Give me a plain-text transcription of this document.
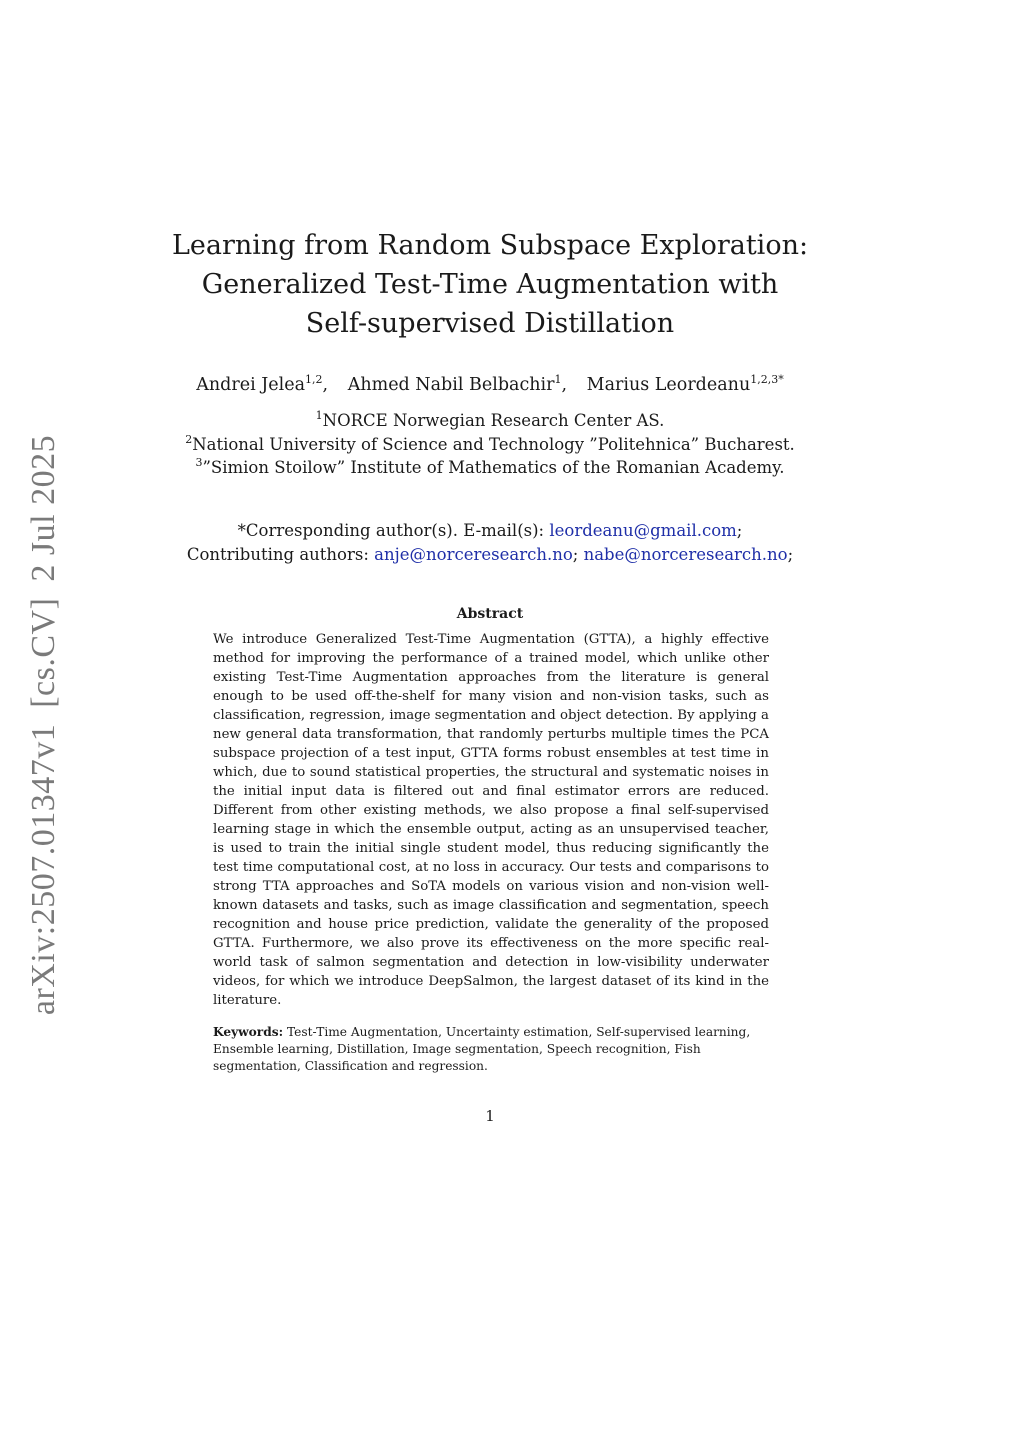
arXiv:2507.01347v1[cs.CV]2 Jul 2025
Learning from Random Subspace Exploration:
Generalized Test-Time Augmentation with
Self-supervised Distillation
Andrei Jelea$^{1,2}$, Ahmed Nabil Belbachir$^1$, Marius Leordeanu$^{1,2,3*}$
$^1$NORCE Norwegian Research Center AS.
$^2$National University of Science and Technology ”Politehnica” Bucharest.
$^3$”Simion Stoilow” Institute of Mathematics of the Romanian Academy.
*Corresponding author(s). E-mail(s): leordeanu@gmail.com;
Contributing authors: anje@norceresearch.no; nabe@norceresearch.no;
Abstract

We introduce Generalized Test-Time Augmentation (GTTA), a highly effective method for improving the performance of a trained model, which unlike other existing Test-Time Augmentation approaches from the literature is general enough to be used off-the-shelf for many vision and non-vision tasks, such as classification, regression, image segmentation and object detection. By applying a new general data transformation, that randomly perturbs multiple times the PCA subspace projection of a test input, GTTA forms robust ensembles at test time in which, due to sound statistical properties, the structural and systematic noises in the initial input data is filtered out and final estimator errors are reduced. Different from other existing methods, we also propose a final self-supervised learning stage in which the ensemble output, acting as an unsupervised teacher, is used to train the initial single student model, thus reducing significantly the test time computational cost, at no loss in accuracy. Our tests and comparisons to strong TTA approaches and SoTA models on various vision and non-vision well-known datasets and tasks, such as image classification and segmentation, speech recognition and house price prediction, validate the generality of the proposed GTTA. Furthermore, we also prove its effectiveness on the more specific real-world task of salmon segmentation and detection in low-visibility underwater videos, for which we introduce DeepSalmon, the largest dataset of its kind in the literature.

Keywords: Test-Time Augmentation, Uncertainty estimation, Self-supervised learning, Ensemble learning, Distillation, Image segmentation, Speech recognition, Fish segmentation, Classification and regression.

1
